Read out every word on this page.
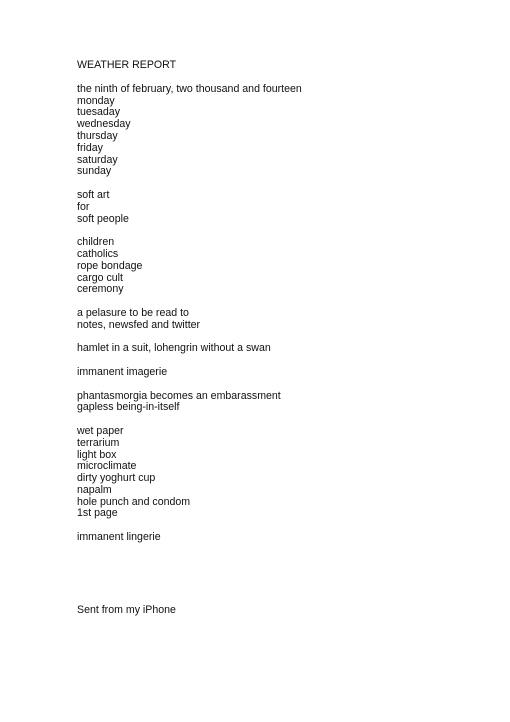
WEATHER REPORT
the ninth of february, two thousand and fourteen
monday
tuesaday
wednesday
thursday
friday
saturday
sunday
soft art
for
soft people
children
catholics
rope bondage
cargo cult
ceremony
a pelasure to be read to
notes, newsfed and twitter
hamlet in a suit, lohengrin without a swan
immanent imagerie
phantasmorgia becomes an embarassment
gapless being-in-itself
wet paper
terrarium
light box
microclimate
dirty yoghurt cup
napalm
hole punch and condom
1st page
immanent lingerie
Sent from my iPhone
